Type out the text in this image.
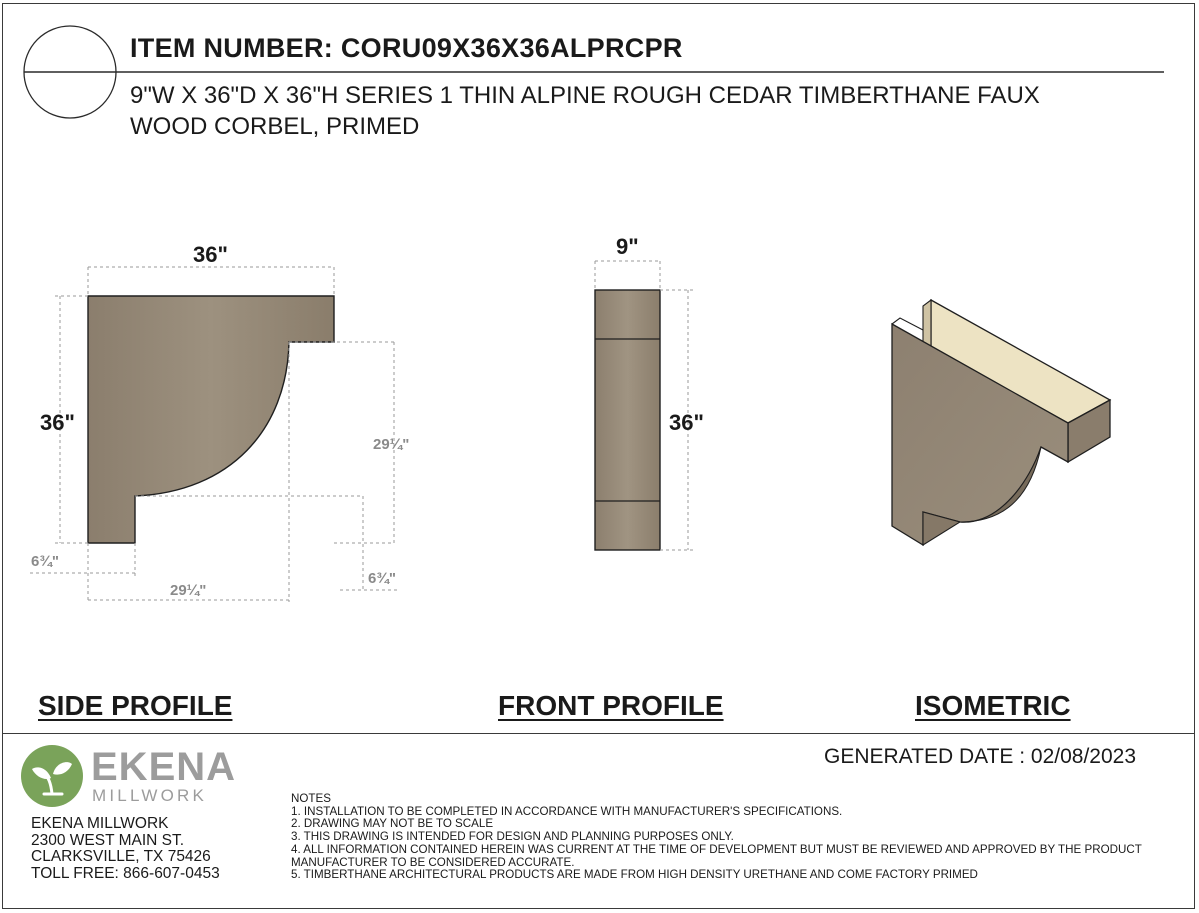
ITEM NUMBER: CORU09X36X36ALPRCPR
9"W X 36"D X 36"H SERIES 1 THIN ALPINE ROUGH CEDAR TIMBERTHANE FAUX WOOD CORBEL, PRIMED
36"
36"
29¼"
29¼"
6¾"
6¾"
9"
36"
SIDE PROFILE	FRONT PROFILE	ISOMETRIC
EKENA
MILLWORK
EKENA MILLWORK
2300 WEST MAIN ST.
CLARKSVILLE, TX 75426
TOLL FREE: 866-607-0453
GENERATED DATE : 02/08/2023
NOTES
1. INSTALLATION TO BE COMPLETED IN ACCORDANCE WITH MANUFACTURER'S SPECIFICATIONS.
2. DRAWING MAY NOT BE TO SCALE
3. THIS DRAWING IS INTENDED FOR DESIGN AND PLANNING PURPOSES ONLY.
4. ALL INFORMATION CONTAINED HEREIN WAS CURRENT AT THE TIME OF DEVELOPMENT BUT MUST BE REVIEWED AND APPROVED BY THE PRODUCT MANUFACTURER TO BE CONSIDERED ACCURATE.
5. TIMBERTHANE ARCHITECTURAL PRODUCTS ARE MADE FROM HIGH DENSITY URETHANE AND COME FACTORY PRIMED
